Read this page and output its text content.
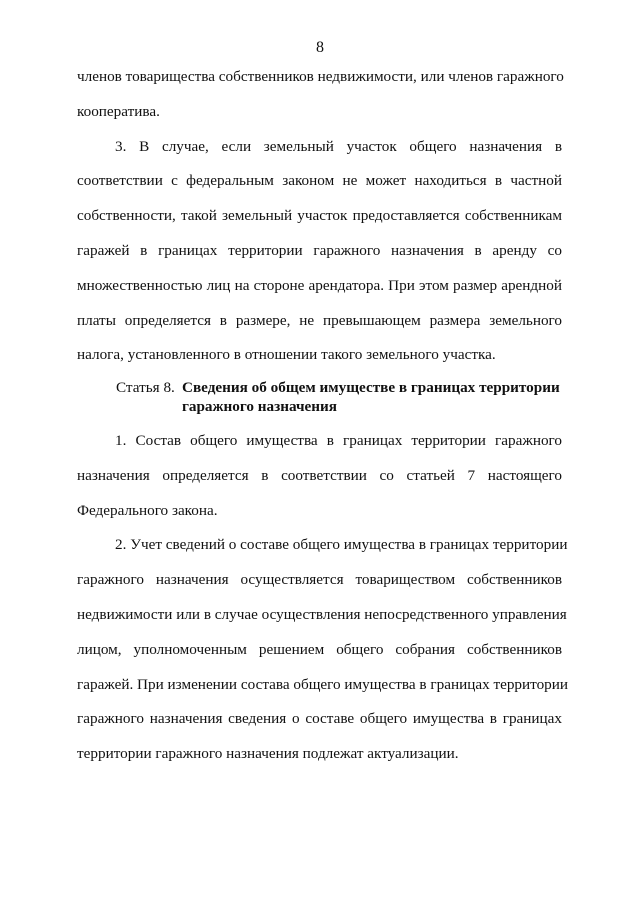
8
членов товарищества собственников недвижимости, или членов гаражного
кооператива.
3. В случае, если земельный участок общего назначения в
соответствии с федеральным законом не может находиться в частной
собственности, такой земельный участок предоставляется собственникам
гаражей в границах территории гаражного назначения в аренду со
множественностью лиц на стороне арендатора. При этом размер арендной
платы определяется в размере, не превышающем размера земельного
налога, установленного в отношении такого земельного участка.
Статья 8. Сведения об общем имуществе в границах территории
гаражного назначения
1. Состав общего имущества в границах территории гаражного
назначения определяется в соответствии со статьей 7 настоящего
Федерального закона.
2. Учет сведений о составе общего имущества в границах территории
гаражного назначения осуществляется товариществом собственников
недвижимости или в случае осуществления непосредственного управления
лицом, уполномоченным решением общего собрания собственников
гаражей. При изменении состава общего имущества в границах территории
гаражного назначения сведения о составе общего имущества в границах
территории гаражного назначения подлежат актуализации.
